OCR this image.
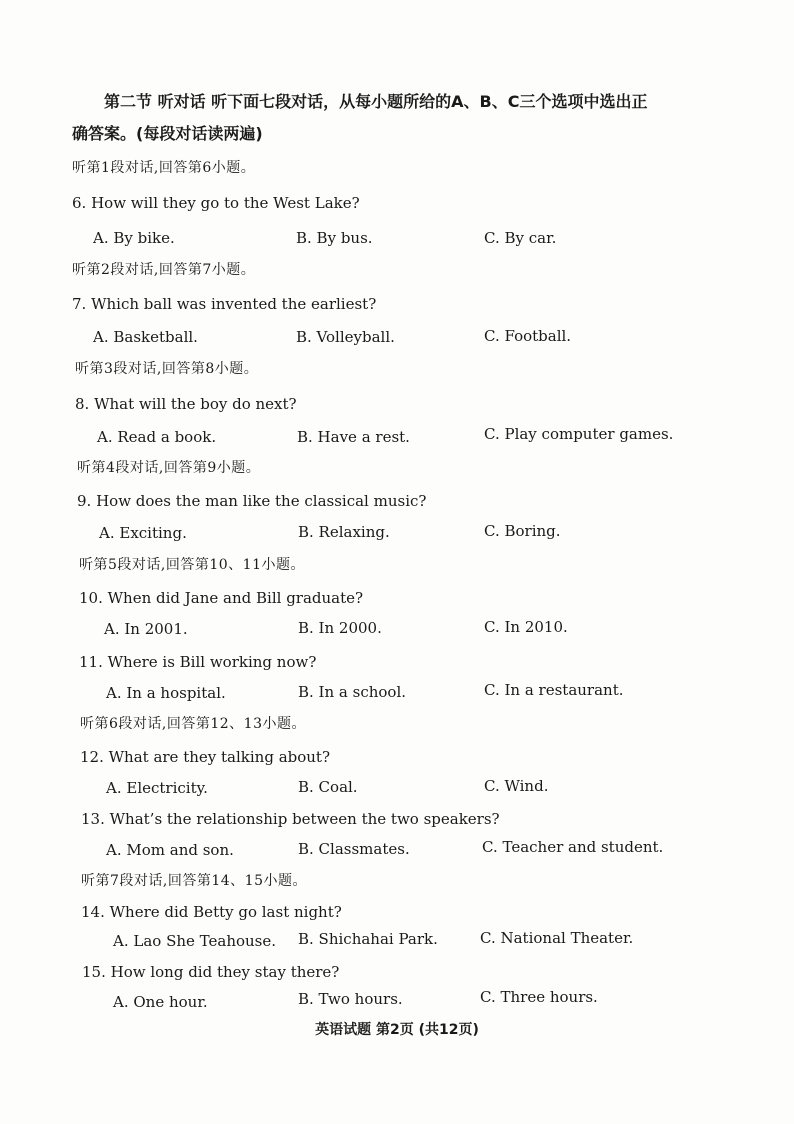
第二节 听对话 听下面七段对话，从每小题所给的A、B、C三个选项中选出正
确答案。(每段对话读两遍)
听第1段对话,回答第6小题。
6. How will they go to the West Lake?
A. By bike.	B. By bus.	C. By car.
听第2段对话,回答第7小题。
7. Which ball was invented the earliest?
A. Basketball.	B. Volleyball.	C. Football.
听第3段对话,回答第8小题。
8. What will the boy do next?
A. Read a book.	B. Have a rest.	C. Play computer games.
听第4段对话,回答第9小题。
9. How does the man like the classical music?
A. Exciting.	B. Relaxing.	C. Boring.
听第5段对话,回答第10、11小题。
10. When did Jane and Bill graduate?
A. In 2001.	B. In 2000.	C. In 2010.
11. Where is Bill working now?
A. In a hospital.	B. In a school.	C. In a restaurant.
听第6段对话,回答第12、13小题。
12. What are they talking about?
A. Electricity.	B. Coal.	C. Wind.
13. What’s the relationship between the two speakers?
A. Mom and son.	B. Classmates.	C. Teacher and student.
听第7段对话,回答第14、15小题。
14. Where did Betty go last night?
A. Lao She Teahouse. B. Shichahai Park.	C. National Theater.
15. How long did they stay there?
A. One hour.	B. Two hours.	C. Three hours.
英语试题 第2页 (共12页)
